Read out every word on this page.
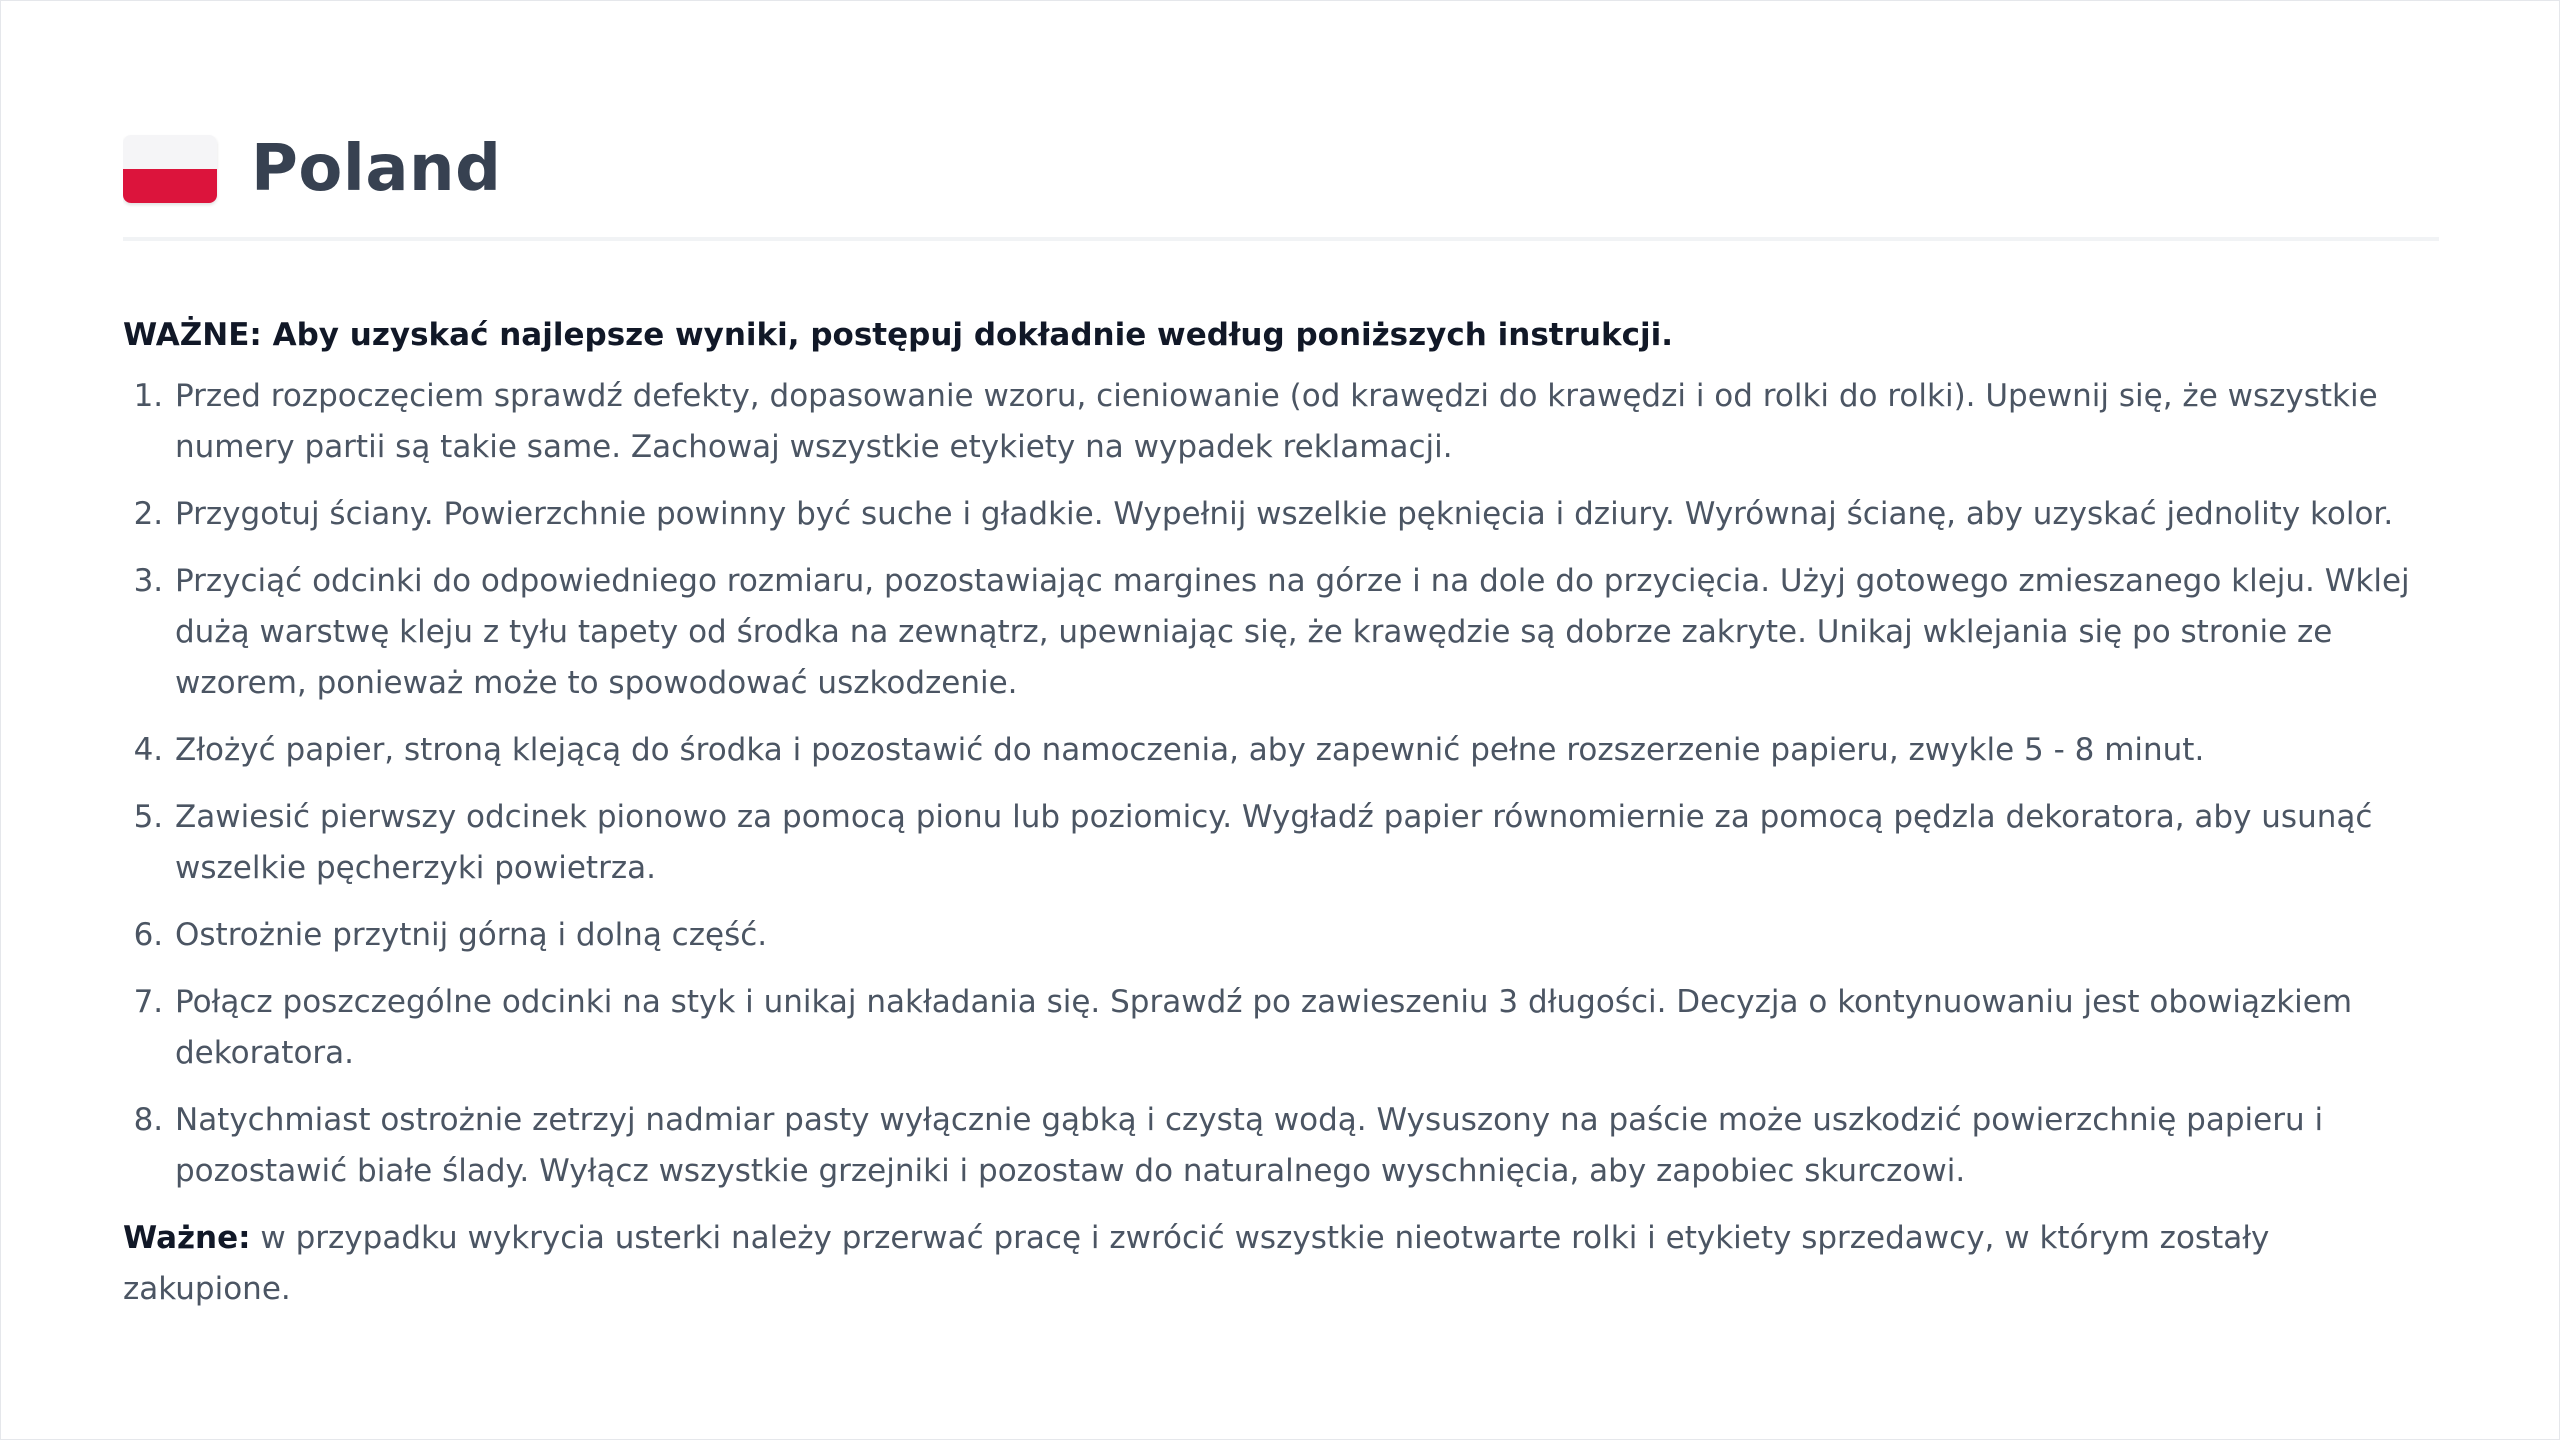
Poland
WAŻNE: Aby uzyskać najlepsze wyniki, postępuj dokładnie według poniższych instrukcji.
1. Przed rozpoczęciem sprawdź defekty, dopasowanie wzoru, cieniowanie (od krawędzi do krawędzi i od rolki do rolki). Upewnij się, że wszystkie numery partii są takie same. Zachowaj wszystkie etykiety na wypadek reklamacji.
2. Przygotuj ściany. Powierzchnie powinny być suche i gładkie. Wypełnij wszelkie pęknięcia i dziury. Wyrównaj ścianę, aby uzyskać jednolity kolor.
3. Przyciąć odcinki do odpowiedniego rozmiaru, pozostawiając margines na górze i na dole do przycięcia. Użyj gotowego zmieszanego kleju. Wklej dużą warstwę kleju z tyłu tapety od środka na zewnątrz, upewniając się, że krawędzie są dobrze zakryte. Unikaj wklejania się po stronie ze wzorem, ponieważ może to spowodować uszkodzenie.
4. Złożyć papier, stroną klejącą do środka i pozostawić do namoczenia, aby zapewnić pełne rozszerzenie papieru, zwykle 5 - 8 minut.
5. Zawiesić pierwszy odcinek pionowo za pomocą pionu lub poziomicy. Wygładź papier równomiernie za pomocą pędzla dekoratora, aby usunąć wszelkie pęcherzyki powietrza.
6. Ostrożnie przytnij górną i dolną część.
7. Połącz poszczególne odcinki na styk i unikaj nakładania się. Sprawdź po zawieszeniu 3 długości. Decyzja o kontynuowaniu jest obowiązkiem dekoratora.
8. Natychmiast ostrożnie zetrzyj nadmiar pasty wyłącznie gąbką i czystą wodą. Wysuszony na paście może uszkodzić powierzchnię papieru i pozostawić białe ślady. Wyłącz wszystkie grzejniki i pozostaw do naturalnego wyschnięcia, aby zapobiec skurczowi.
Ważne: w przypadku wykrycia usterki należy przerwać pracę i zwrócić wszystkie nieotwarte rolki i etykiety sprzedawcy, w którym zostały zakupione.
